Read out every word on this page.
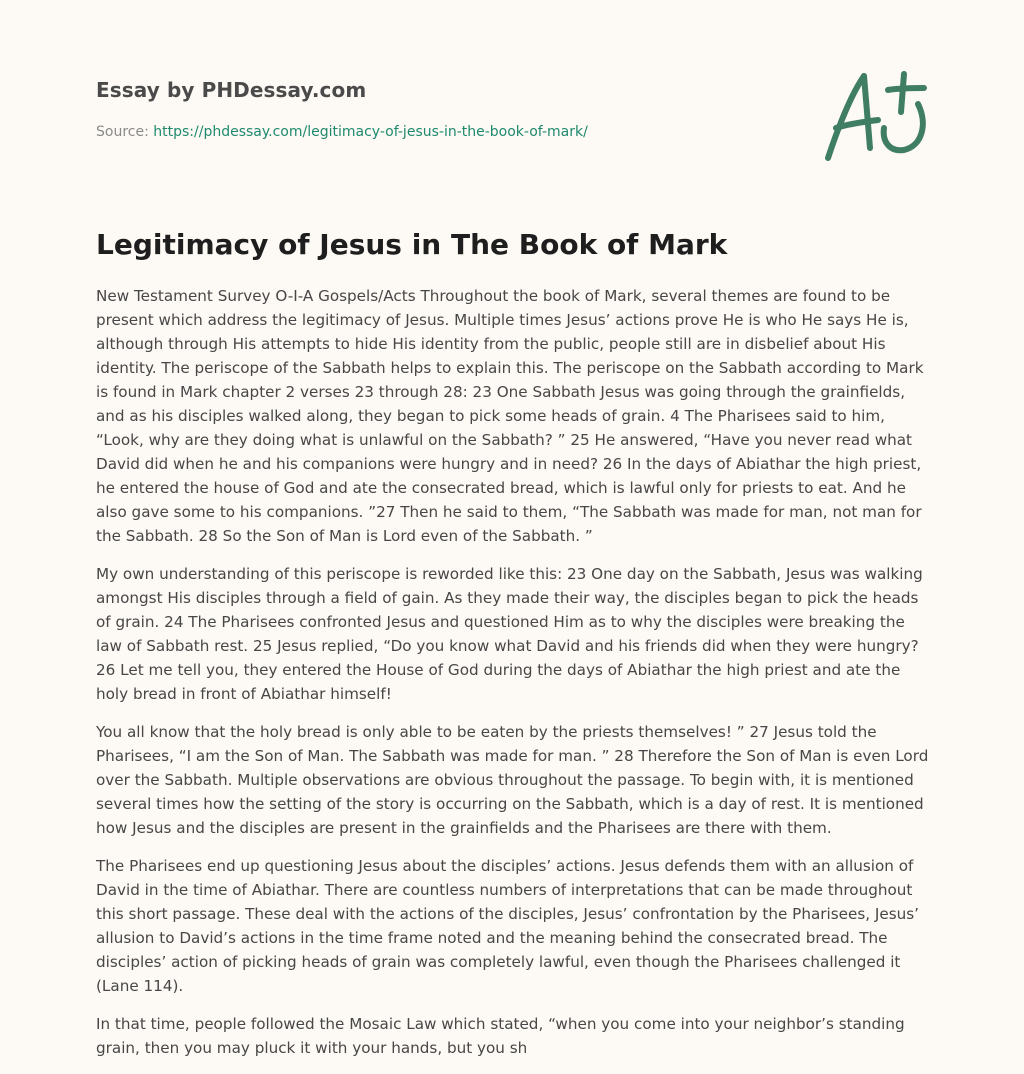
Essay by PHDessay.com
Source: https://phdessay.com/legitimacy-of-jesus-in-the-book-of-mark/
Legitimacy of Jesus in The Book of Mark

New Testament Survey O-I-A Gospels/Acts Throughout the book of Mark, several themes are found to be present which address the legitimacy of Jesus. Multiple times Jesus’ actions prove He is who He says He is, although through His attempts to hide His identity from the public, people still are in disbelief about His identity. The periscope of the Sabbath helps to explain this. The periscope on the Sabbath according to Mark is found in Mark chapter 2 verses 23 through 28: 23 One Sabbath Jesus was going through the grainfields, and as his disciples walked along, they began to pick some heads of grain. 4 The Pharisees said to him, “Look, why are they doing what is unlawful on the Sabbath? ” 25 He answered, “Have you never read what David did when he and his companions were hungry and in need? 26 In the days of Abiathar the high priest, he entered the house of God and ate the consecrated bread, which is lawful only for priests to eat. And he also gave some to his companions. ”27 Then he said to them, “The Sabbath was made for man, not man for the Sabbath. 28 So the Son of Man is Lord even of the Sabbath. ”

My own understanding of this periscope is reworded like this: 23 One day on the Sabbath, Jesus was walking amongst His disciples through a field of gain. As they made their way, the disciples began to pick the heads of grain. 24 The Pharisees confronted Jesus and questioned Him as to why the disciples were breaking the law of Sabbath rest. 25 Jesus replied, “Do you know what David and his friends did when they were hungry? 26 Let me tell you, they entered the House of God during the days of Abiathar the high priest and ate the holy bread in front of Abiathar himself!

You all know that the holy bread is only able to be eaten by the priests themselves! ” 27 Jesus told the Pharisees, “I am the Son of Man. The Sabbath was made for man. ” 28 Therefore the Son of Man is even Lord over the Sabbath. Multiple observations are obvious throughout the passage. To begin with, it is mentioned several times how the setting of the story is occurring on the Sabbath, which is a day of rest. It is mentioned how Jesus and the disciples are present in the grainfields and the Pharisees are there with them.

The Pharisees end up questioning Jesus about the disciples’ actions. Jesus defends them with an allusion of David in the time of Abiathar. There are countless numbers of interpretations that can be made throughout this short passage. These deal with the actions of the disciples, Jesus’ confrontation by the Pharisees, Jesus’ allusion to David’s actions in the time frame noted and the meaning behind the consecrated bread. The disciples’ action of picking heads of grain was completely lawful, even though the Pharisees challenged it (Lane 114).

In that time, people followed the Mosaic Law which stated, “when you come into your neighbor’s standing grain, then you may pluck it with your hands, but you sh
